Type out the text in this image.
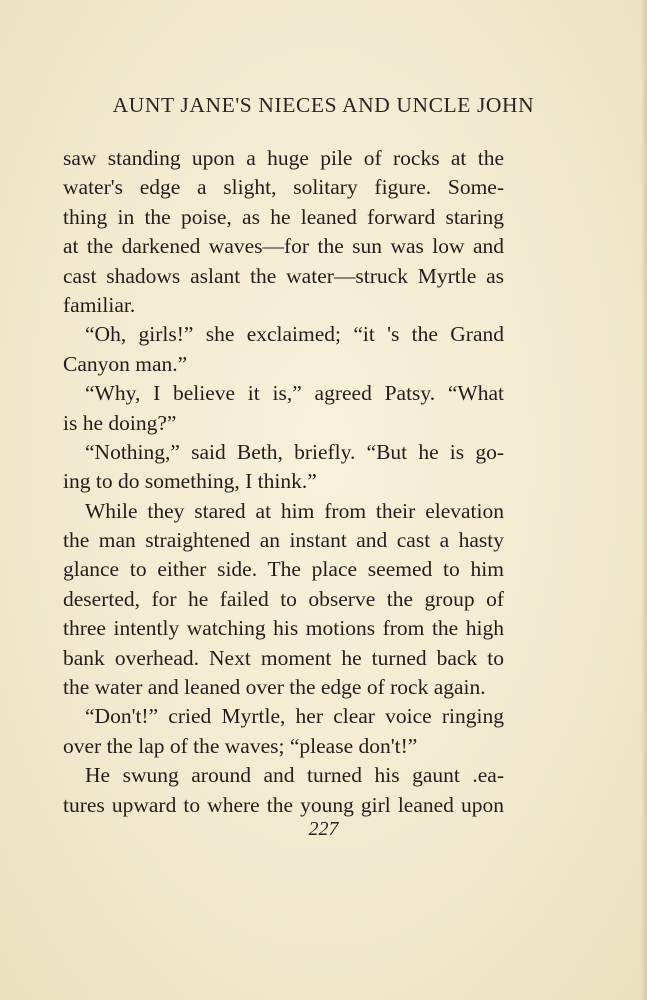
AUNT JANE'S NIECES AND UNCLE JOHN
saw standing upon a huge pile of rocks at the
water's edge a slight, solitary figure. Some-
thing in the poise, as he leaned forward staring
at the darkened waves—for the sun was low and
cast shadows aslant the water—struck Myrtle as
familiar.
“Oh, girls!” she exclaimed; “it 's the Grand
Canyon man.”
“Why, I believe it is,” agreed Patsy. “What
is he doing?”
“Nothing,” said Beth, briefly. “But he is go-
ing to do something, I think.”
While they stared at him from their elevation
the man straightened an instant and cast a hasty
glance to either side. The place seemed to him
deserted, for he failed to observe the group of
three intently watching his motions from the high
bank overhead. Next moment he turned back to
the water and leaned over the edge of rock again.
“Don't!” cried Myrtle, her clear voice ringing
over the lap of the waves; “please don't!”
He swung around and turned his gaunt .ea-
tures upward to where the young girl leaned upon
227
